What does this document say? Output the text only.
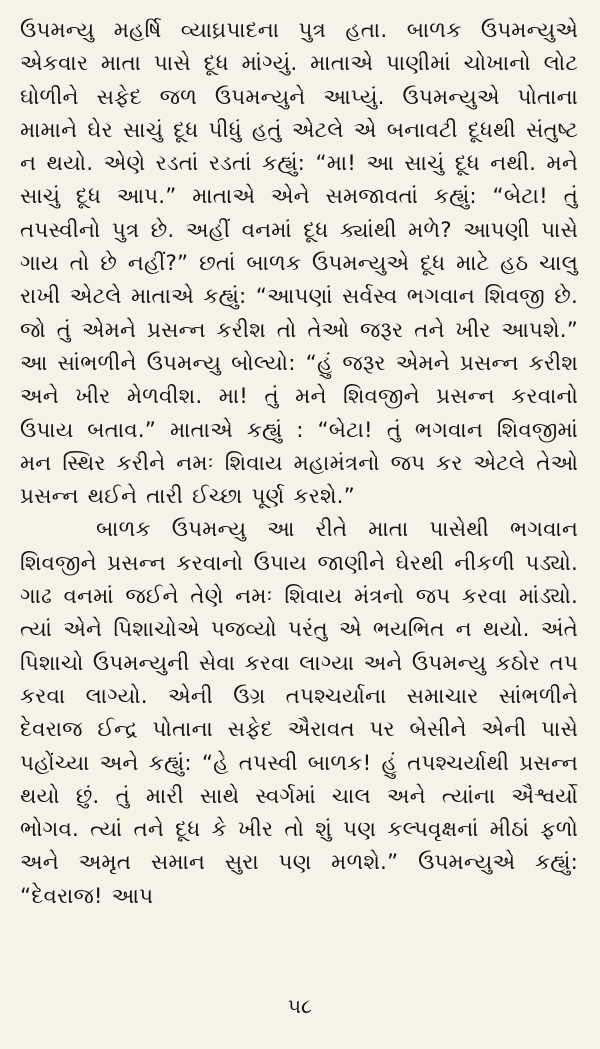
ઉપમન્યુ મહર્ષિ વ્યાઘ્રપાદના પુત્ર હતા. બાળક ઉપમન્યુએ એકવાર માતા પાસે દૂધ માંગ્યું. માતાએ પાણીમાં ચોખાનો લોટ ઘોળીને સફેદ જળ ઉપમન્યુને આપ્યું. ઉપમન્યુએ પોતાના મામાને ઘેર સાચું દૂધ પીધું હતું એટલે એ બનાવટી દૂધથી સંતુષ્ટ ન થયો. એણે રડતાં રડતાં કહ્યું: “મા! આ સાચું દૂધ નથી. મને સાચું દૂધ આપ.” માતાએ એને સમજાવતાં કહ્યું: “બેટા! તું તપસ્વીનો પુત્ર છે. અહીં વનમાં દૂધ ક્યાંથી મળે? આપણી પાસે ગાય તો છે નહીં?” છતાં બાળક ઉપમન્યુએ દૂધ માટે હઠ ચાલુ રાખી એટલે માતાએ કહ્યું: “આપણાં સર્વસ્વ ભગવાન શિવજી છે. જો તું એમને પ્રસન્ન કરીશ તો તેઓ જરૂર તને ખીર આપશે.” આ સાંભળીને ઉપમન્યુ બોલ્યો: “હું જરૂર એમને પ્રસન્ન કરીશ અને ખીર મેળવીશ. મા! તું મને શિવજીને પ્રસન્ન કરવાનો ઉપાય બતાવ.” માતાએ કહ્યું : “બેટા! તું ભગવાન શિવજીમાં મન સ્થિર કરીને નમઃ શિવાય મહામંત્રનો જપ કર એટલે તેઓ પ્રસન્ન થઈને તારી ઈચ્છા પૂર્ણ કરશે.”

બાળક ઉપમન્યુ આ રીતે માતા પાસેથી ભગવાન શિવજીને પ્રસન્ન કરવાનો ઉપાય જાણીને ઘેરથી નીકળી પડ્યો. ગાઢ વનમાં જઈને તેણે નમઃ શિવાય મંત્રનો જપ કરવા માંડ્યો. ત્યાં એને પિશાચોએ પજવ્યો પરંતુ એ ભયભિત ન થયો. અંતે પિશાચો ઉપમન્યુની સેવા કરવા લાગ્યા અને ઉપમન્યુ કઠોર તપ કરવા લાગ્યો. એની ઉગ્ર તપશ્ચર્યાના સમાચાર સાંભળીને દેવરાજ ઈન્દ્ર પોતાના સફેદ ઐરાવત પર બેસીને એની પાસે પહોંચ્યા અને કહ્યું: “હે તપસ્વી બાળક! હું તપશ્ચર્યાથી પ્રસન્ન થયો છું. તું મારી સાથે સ્વર્ગમાં ચાલ અને ત્યાંના ઐશ્વર્યો ભોગવ. ત્યાં તને દૂધ કે ખીર તો શું પણ કલ્પવૃક્ષનાં મીઠાં ફળો અને અમૃત સમાન સુરા પણ મળશે.” ઉપમન્યુએ કહ્યું: “દેવરાજ! આપ

૫૮
